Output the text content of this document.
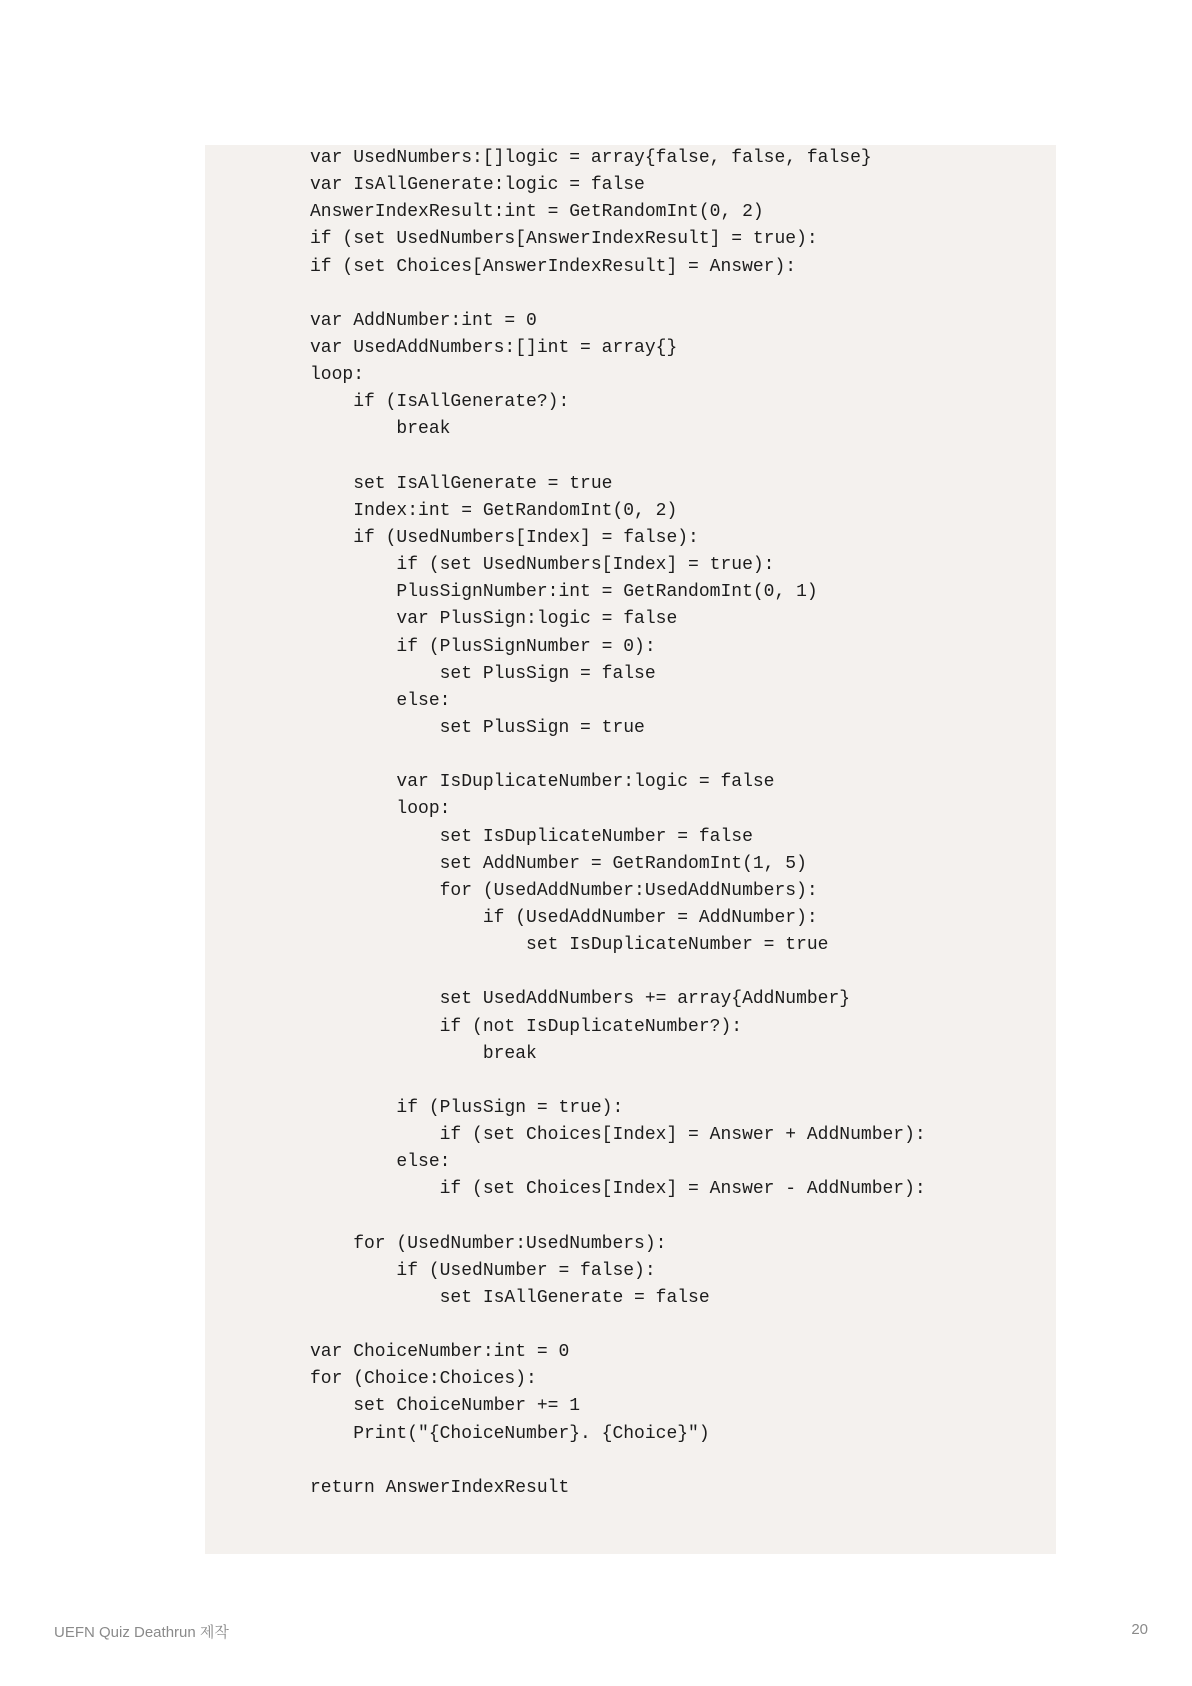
var UsedNumbers:[]logic = array{false, false, false}
var IsAllGenerate:logic = false
AnswerIndexResult:int = GetRandomInt(0, 2)
if (set UsedNumbers[AnswerIndexResult] = true):
if (set Choices[AnswerIndexResult] = Answer):
var AddNumber:int = 0
var UsedAddNumbers:[]int = array{}
loop:
if (IsAllGenerate?):
break
set IsAllGenerate = true
Index:int = GetRandomInt(0, 2)
if (UsedNumbers[Index] = false):
if (set UsedNumbers[Index] = true):
PlusSignNumber:int = GetRandomInt(0, 1)
var PlusSign:logic = false
if (PlusSignNumber = 0):
set PlusSign = false
else:
set PlusSign = true
var IsDuplicateNumber:logic = false
loop:
set IsDuplicateNumber = false
set AddNumber = GetRandomInt(1, 5)
for (UsedAddNumber:UsedAddNumbers):
if (UsedAddNumber = AddNumber):
set IsDuplicateNumber = true
set UsedAddNumbers += array{AddNumber}
if (not IsDuplicateNumber?):
break
if (PlusSign = true):
if (set Choices[Index] = Answer + AddNumber):
else:
if (set Choices[Index] = Answer - AddNumber):
for (UsedNumber:UsedNumbers):
if (UsedNumber = false):
set IsAllGenerate = false
var ChoiceNumber:int = 0
for (Choice:Choices):
set ChoiceNumber += 1
Print("{ChoiceNumber}. {Choice}")
return AnswerIndexResult
UEFN Quiz Deathrun 제작	20
